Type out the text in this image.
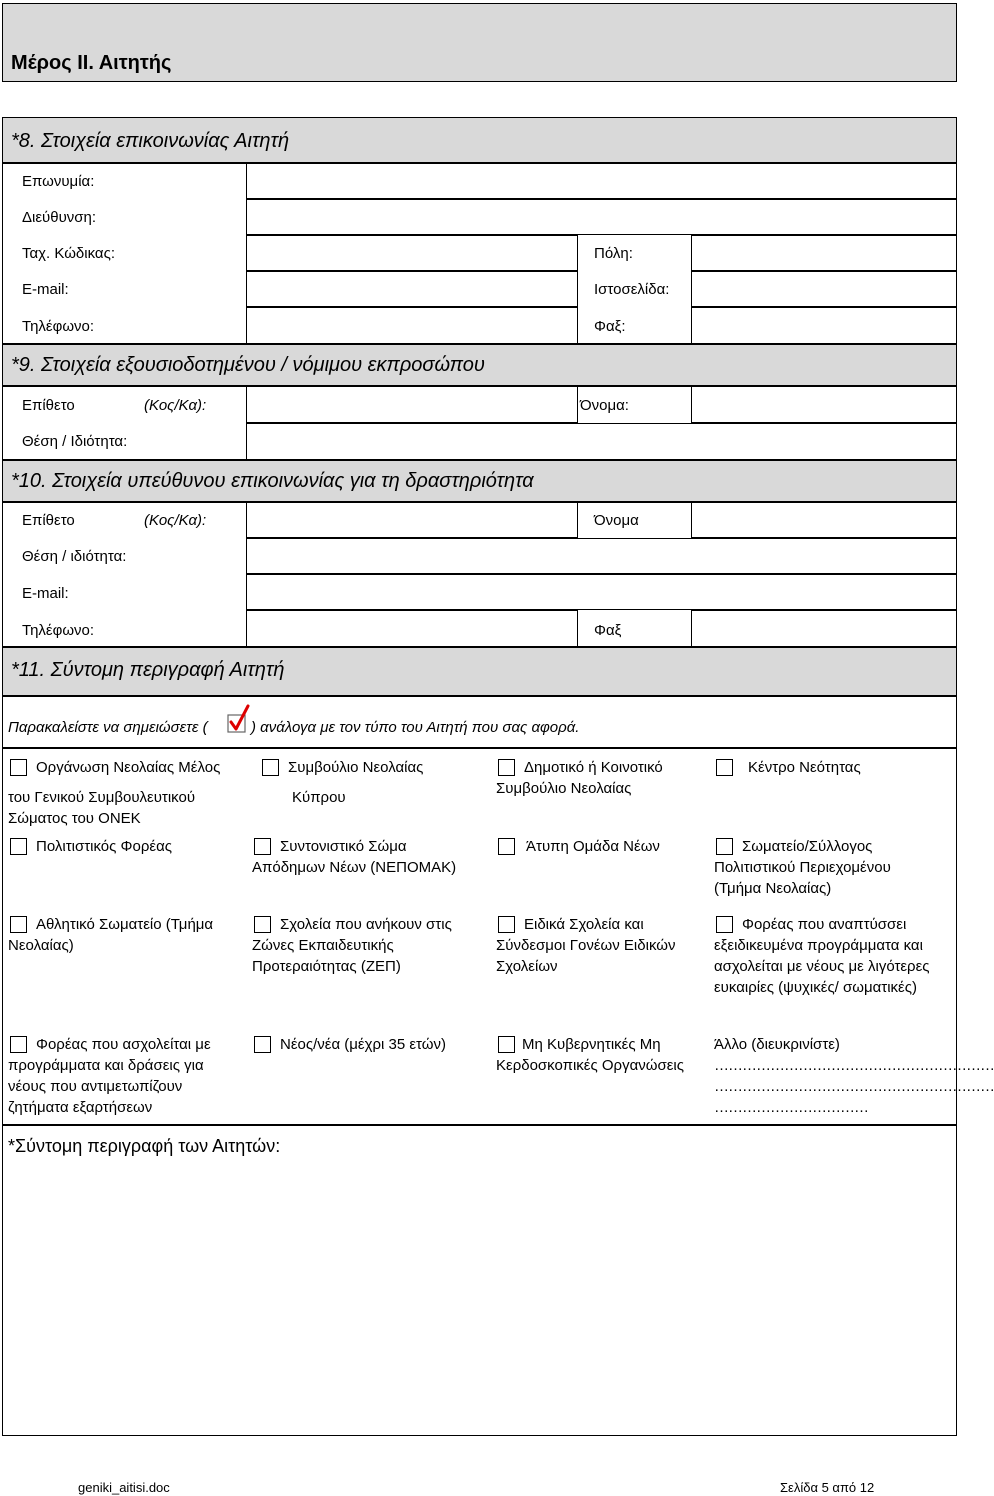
Μέρος ΙΙ. Αιτητής
*8. Στοιχεία επικοινωνίας Αιτητή
Επωνυμία:
Διεύθυνση:
Ταχ. Κώδικας:	Πόλη:
E-mail:	Ιστοσελίδα:
Τηλέφωνο:	Φαξ:
*9. Στοιχεία εξουσιοδοτημένου / νόμιμου εκπροσώπου
Επίθετο	(Κος/Κα):	Όνομα:
Θέση / Ιδιότητα:
*10. Στοιχεία υπεύθυνου επικοινωνίας για τη δραστηριότητα
Επίθετο	(Κος/Κα):	Όνομα
Θέση / ιδιότητα:
E-mail:
Τηλέφωνο:	Φαξ
*11. Σύντομη περιγραφή Αιτητή
Παρακαλείστε να σημειώσετε (	) ανάλογα με τον τύπο του Αιτητή που σας αφορά.
Οργάνωση Νεολαίας Μέλος
του Γενικού Συμβουλευτικού Σώματος του ΟΝΕΚ
Συμβούλιο Νεολαίας
Κύπρου
Δημοτικό ή Κοινοτικό
Συμβούλιο Νεολαίας
Κέντρο Νεότητας
Πολιτιστικός Φορέας	Συντονιστικό Σώμα
Απόδημων Νέων (ΝΕΠΟΜΑΚ)
Άτυπη Ομάδα Νέων	Σωματείο/Σύλλογος
Πολιτιστικού Περιεχομένου (Τμήμα Νεολαίας)
Αθλητικό Σωματείο (Τμήμα
Νεολαίας)
Σχολεία που ανήκουν στις
Ζώνες Εκπαιδευτικής Προτεραιότητας (ΖΕΠ)
Ειδικά Σχολεία και
Σύνδεσμοι Γονέων Ειδικών Σχολείων
Φορέας που αναπτύσσει
εξειδικευμένα προγράμματα και ασχολείται με νέους με λιγότερες ευκαιρίες (ψυχικές/ σωματικές)
Φορέας που ασχολείται με
προγράμματα και δράσεις για νέους που αντιμετωπίζουν ζητήματα εξαρτήσεων
Νέος/νέα (μέχρι 35 ετών)	Μη Κυβερνητικές Μη
Κερδοσκοπικές Οργανώσεις
Άλλο (διευκρινίστε)
……………………………………………………
……………………………………………………
……………………………
*Σύντομη περιγραφή των Αιτητών:
geniki_aitisi.doc	Σελίδα 5 από 12
